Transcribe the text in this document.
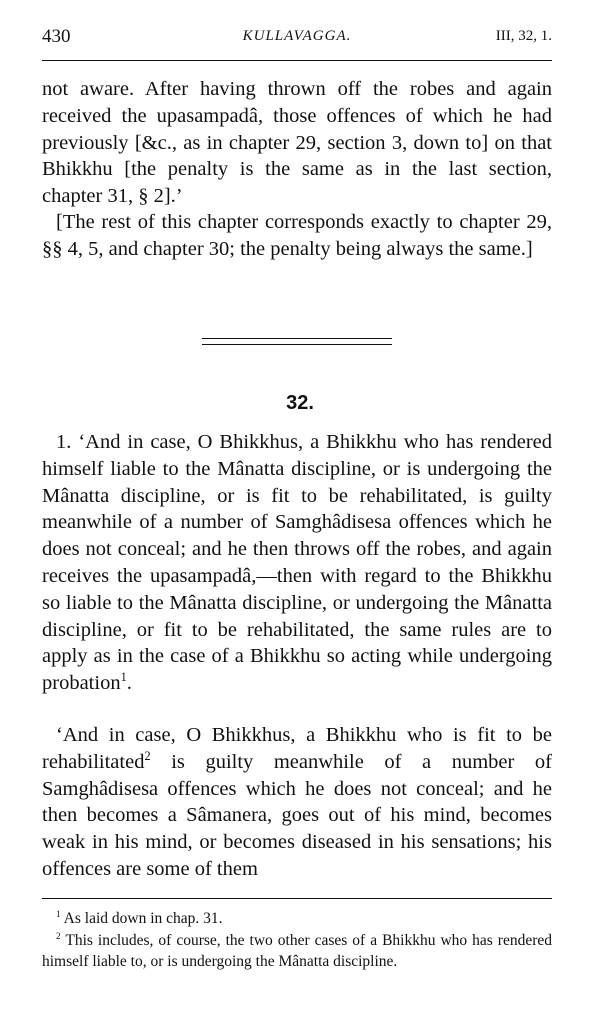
430	KULLAVAGGA.	III, 32, 1.

not aware. After having thrown off the robes and again received the upasampadâ, those offences of which he had previously [&c., as in chapter 29, section 3, down to] on that Bhikkhu [the penalty is the same as in the last section, chapter 31, § 2].’

[The rest of this chapter corresponds exactly to chapter 29, §§ 4, 5, and chapter 30; the penalty being always the same.]

32.

1. ‘And in case, O Bhikkhus, a Bhikkhu who has rendered himself liable to the Mânatta discipline, or is undergoing the Mânatta discipline, or is fit to be rehabilitated, is guilty meanwhile of a number of Samghâdisesa offences which he does not conceal; and he then throws off the robes, and again receives the upasampadâ,—then with regard to the Bhikkhu so liable to the Mânatta discipline, or undergoing the Mânatta discipline, or fit to be rehabilitated, the same rules are to apply as in the case of a Bhikkhu so acting while undergoing probation$^1$.

‘And in case, O Bhikkhus, a Bhikkhu who is fit to be rehabilitated$^2$ is guilty meanwhile of a number of Samghâdisesa offences which he does not conceal; and he then becomes a Sâmanera, goes out of his mind, becomes weak in his mind, or becomes diseased in his sensations; his offences are some of them

$^1$ As laid down in chap. 31.

$^2$ This includes, of course, the two other cases of a Bhikkhu who has rendered himself liable to, or is undergoing the Mânatta discipline.
